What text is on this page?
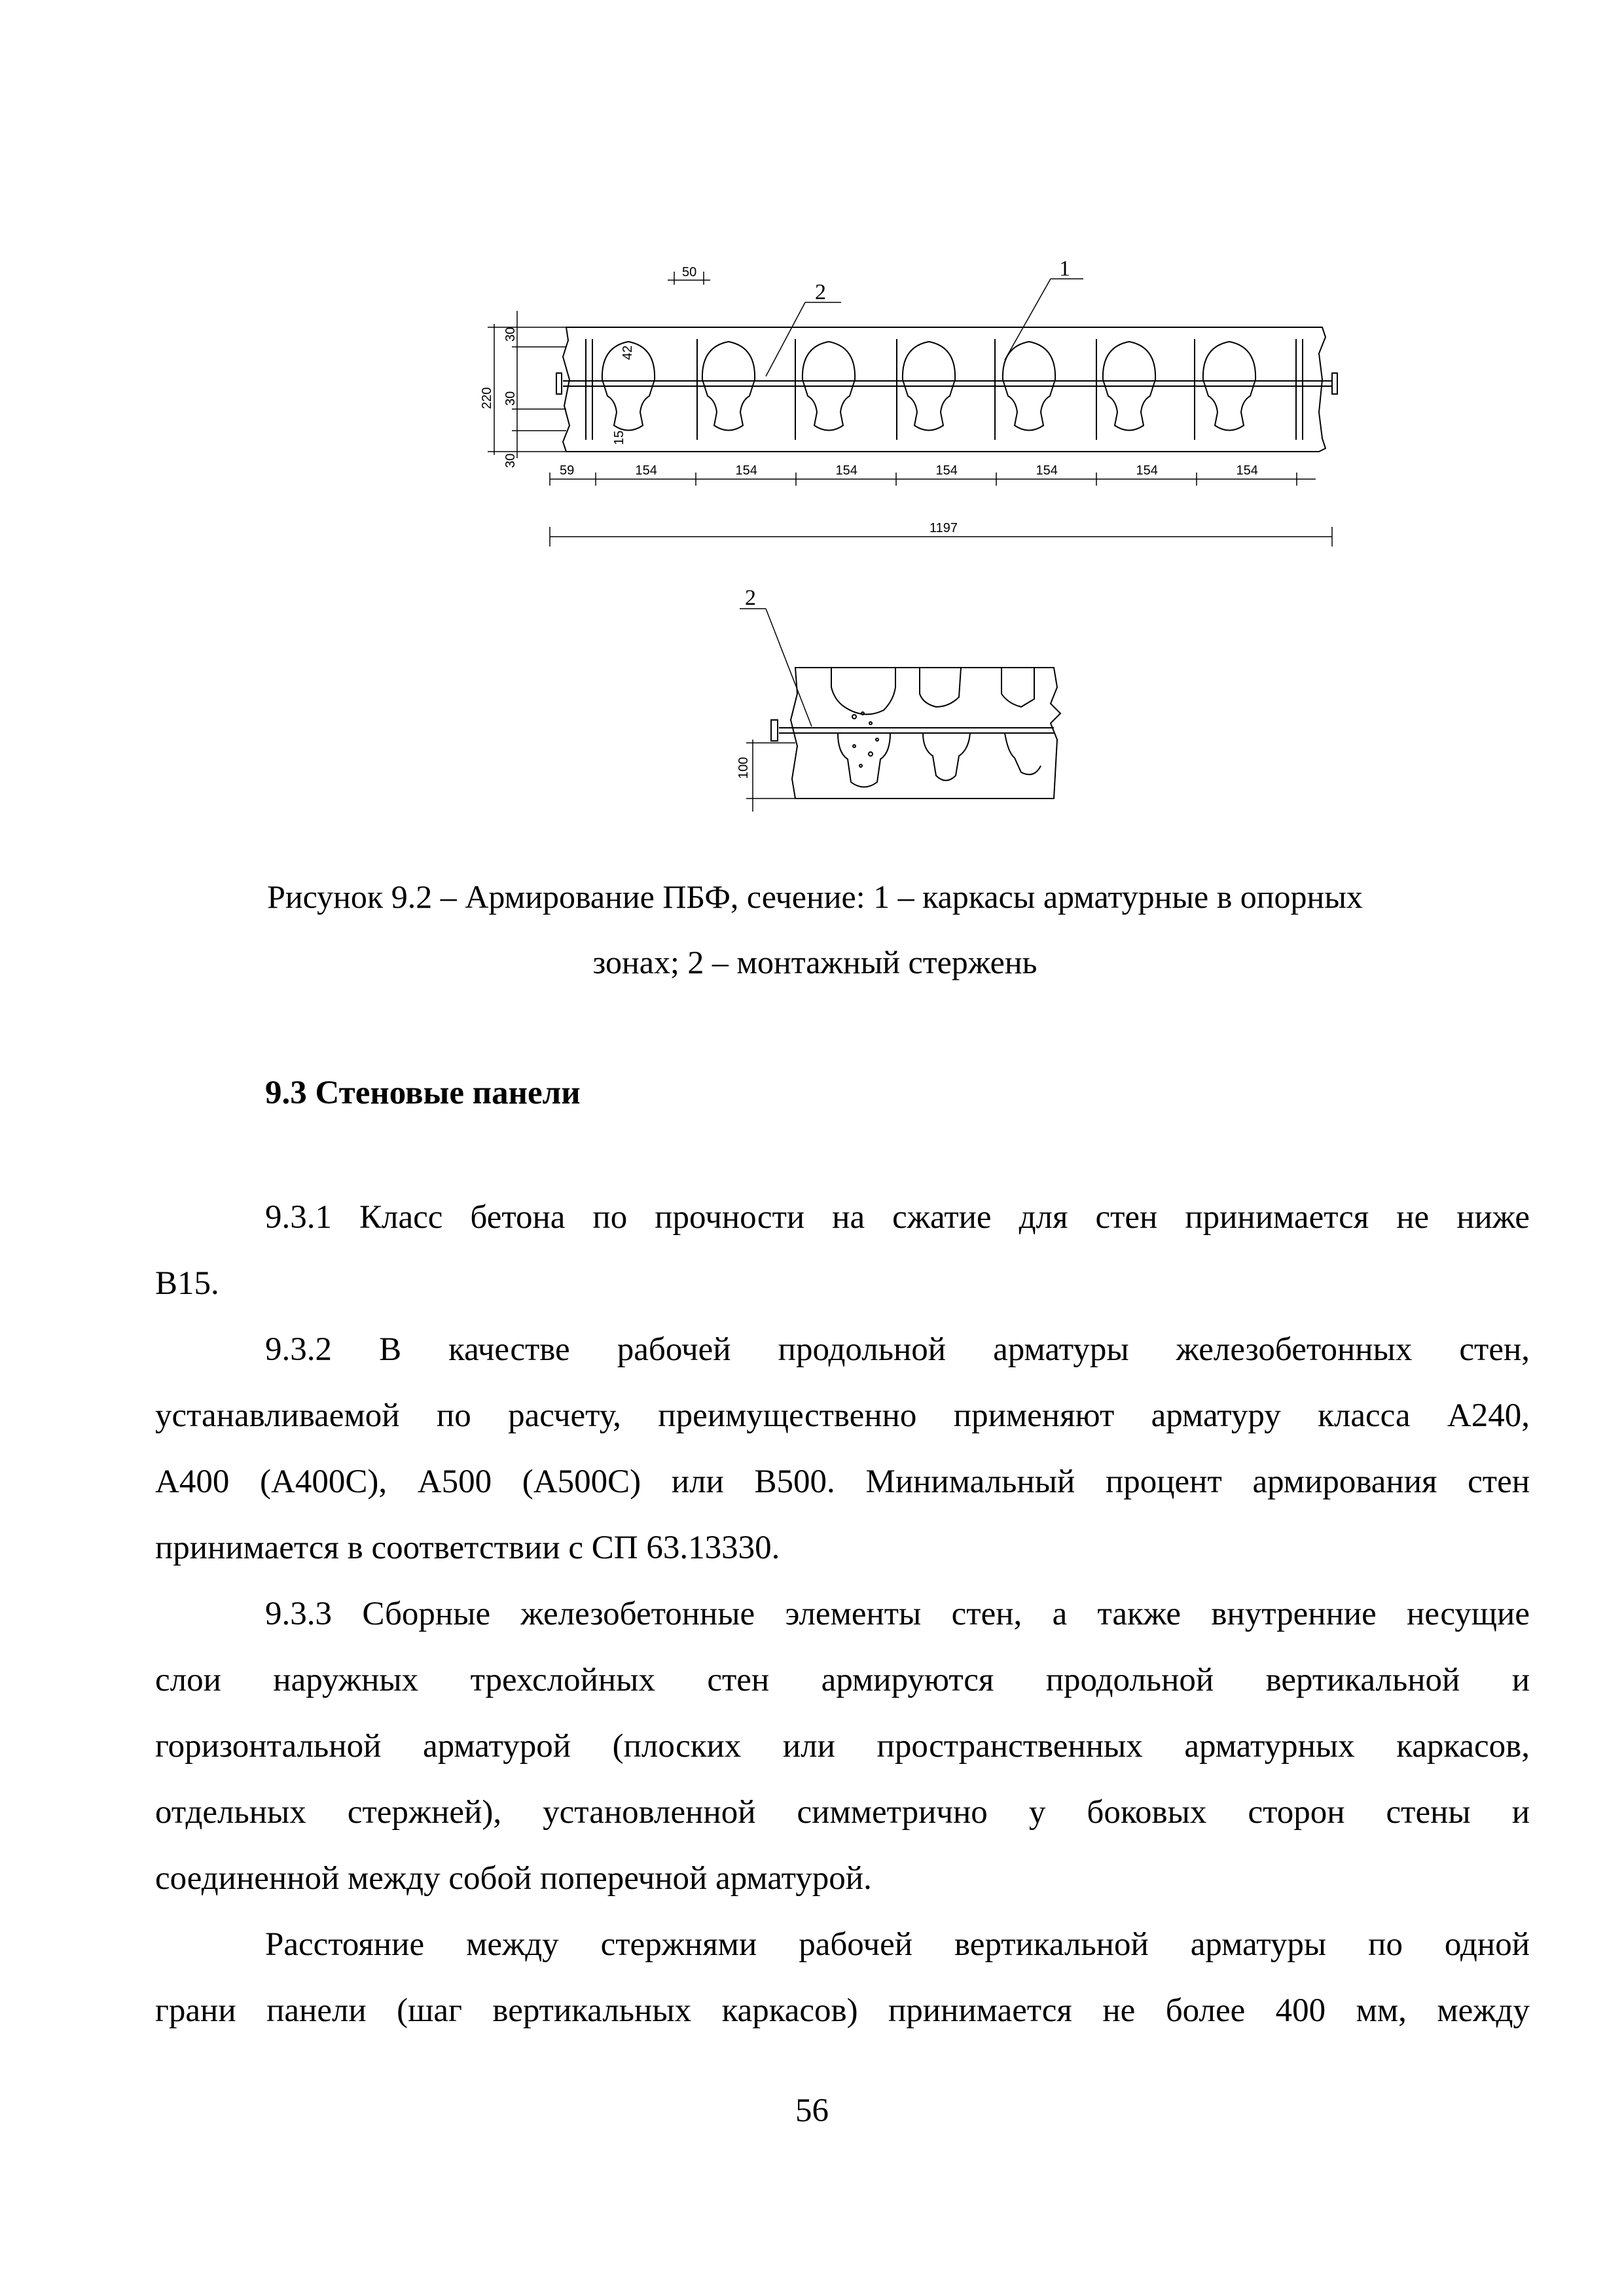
50
220
30
30
30
42
15
59	154	154	154	154	154	154	154
1197
2
1
2
100
Рисунок 9.2 – Армирование ПБФ, сечение: 1 – каркасы арматурные в опорных
зонах; 2 – монтажный стержень
9.3 Стеновые панели
9.3.1 Класс бетона по прочности на сжатие для стен принимается не ниже
В15.
9.3.2 В качестве рабочей продольной арматуры железобетонных стен,
устанавливаемой по расчету, преимущественно применяют арматуру класса А240,
А400 (А400С), А500 (А500С) или В500. Минимальный процент армирования стен
принимается в соответствии с СП 63.13330.
9.3.3 Сборные железобетонные элементы стен, а также внутренние несущие
слои наружных трехслойных стен армируются продольной вертикальной и
горизонтальной арматурой (плоских или пространственных арматурных каркасов,
отдельных стержней), установленной симметрично у боковых сторон стены и
соединенной между собой поперечной арматурой.
Расстояние между стержнями рабочей вертикальной арматуры по одной
грани панели (шаг вертикальных каркасов) принимается не более 400 мм, между
56
